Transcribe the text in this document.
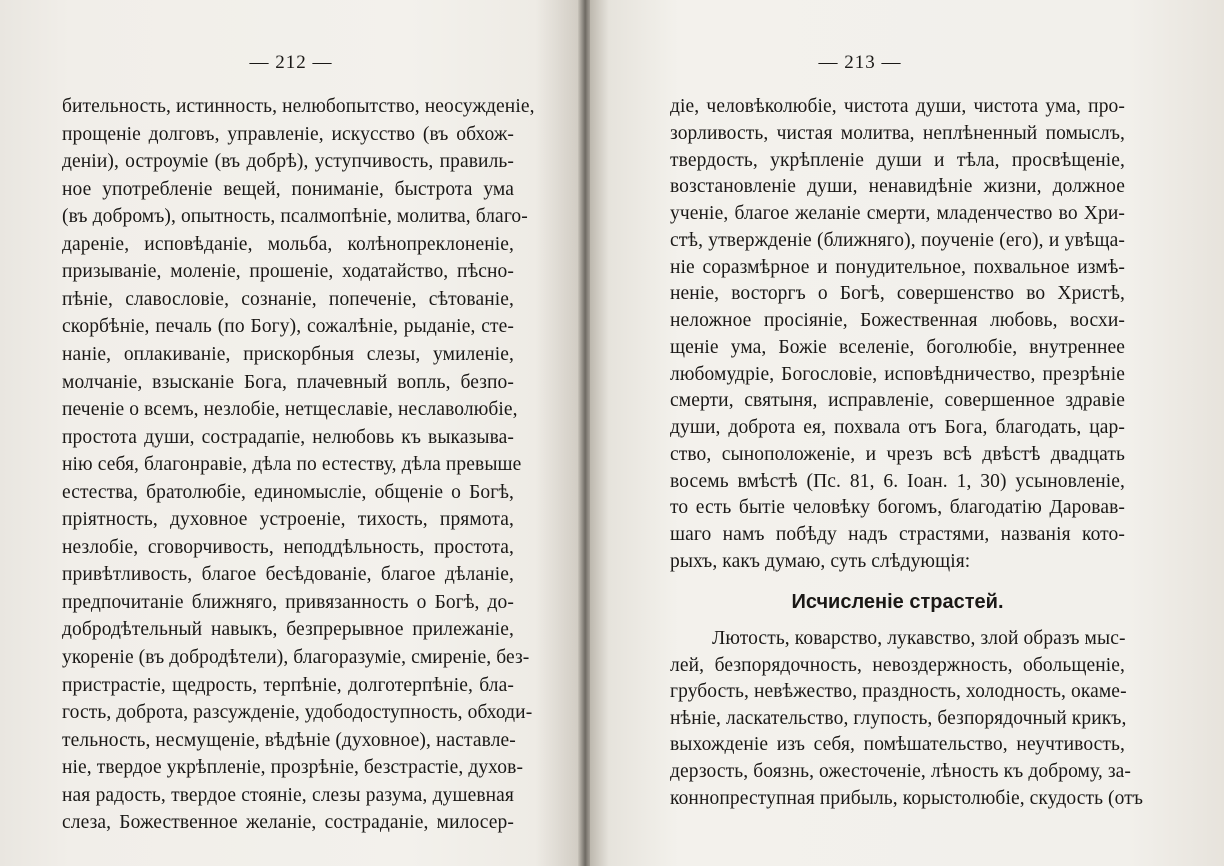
— 212 —
бительность, истинность, нелюбопытство, неосужденіе,
прощеніе долговъ, управленіе, искусство (въ обхож-
деніи), остроуміе (въ добрѣ), уступчивость, правиль-
ное употребленіе вещей, пониманіе, быстрота ума
(въ добромъ), опытность, псалмопѣніе, молитва, благо-
дареніе, исповѣданіе, мольба, колѣнопреклоненіе,
призываніе, моленіе, прошеніе, ходатайство, пѣсно-
пѣніе, славословіе, сознаніе, попеченіе, сѣтованіе,
скорбѣніе, печаль (по Богу), сожалѣніе, рыданіе, сте-
наніе, оплакиваніе, прискорбныя слезы, умиленіе,
молчаніе, взысканіе Бога, плачевный вопль, безпо-
печеніе о всемъ, незлобіе, нетщеславіе, неславолюбіе,
простота души, сострадапіе, нелюбовь къ выказыва-
нію себя, благонравіе, дѣла по естеству, дѣла превыше
естества, братолюбіе, единомысліе, общеніе о Богѣ,
пріятность, духовное устроеніе, тихость, прямота,
незлобіе, сговорчивость, неподдѣльность, простота,
привѣтливость, благое бесѣдованіе, благое дѣланіе,
предпочитаніе ближняго, привязанность о Богѣ, до-
добродѣтельный навыкъ, безпрерывное прилежаніе,
укореніе (въ добродѣтели), благоразуміе, смиреніе, без-
пристрастіе, щедрость, терпѣніе, долготерпѣніе, бла-
гость, доброта, разсужденіе, удободоступность, обходи-
тельность, несмущеніе, вѣдѣніе (духовное), наставле-
ніе, твердое укрѣпленіе, прозрѣніе, безстрастіе, духов-
ная радость, твердое стояніе, слезы разума, душевная
слеза, Божественное желаніе, состраданіе, милосер-
— 213 —
діе, человѣколюбіе, чистота души, чистота ума, про-
зорливость, чистая молитва, неплѣненный помыслъ,
твердость, укрѣпленіе души и тѣла, просвѣщеніе,
возстановленіе души, ненавидѣніе жизни, должное
ученіе, благое желаніе смерти, младенчество во Хри-
стѣ, утвержденіе (ближняго), поученіе (его), и увѣща-
ніе соразмѣрное и понудительное, похвальное измѣ-
неніе, восторгъ о Богѣ, совершенство во Христѣ,
неложное просіяніе, Божественная любовь, восхи-
щеніе ума, Божіе вселеніе, боголюбіе, внутреннее
любомудріе, Богословіе, исповѣдничество, презрѣніе
смерти, святыня, исправленіе, совершенное здравіе
души, доброта ея, похвала отъ Бога, благодать, цар-
ство, сыноположеніе, и чрезъ всѣ двѣстѣ двадцать
восемь вмѣстѣ (Пс. 81, 6. Іоан. 1, 30) усыновленіе,
то есть бытіе человѣку богомъ, благодатію Даровав-
шаго намъ побѣду надъ страстями, названія кото-
рыхъ, какъ думаю, суть слѣдующія:
Исчисленіе страстей.
Лютость, коварство, лукавство, злой образъ мыс-
лей, безпорядочность, невоздержность, обольщеніе,
грубость, невѣжество, праздность, холодность, окаме-
нѣніе, ласкательство, глупость, безпорядочный крикъ,
выхожденіе изъ себя, помѣшательство, неучтивость,
дерзость, боязнь, ожесточеніе, лѣность къ доброму, за-
коннопреступная прибыль, корыстолюбіе, скудость (отъ
